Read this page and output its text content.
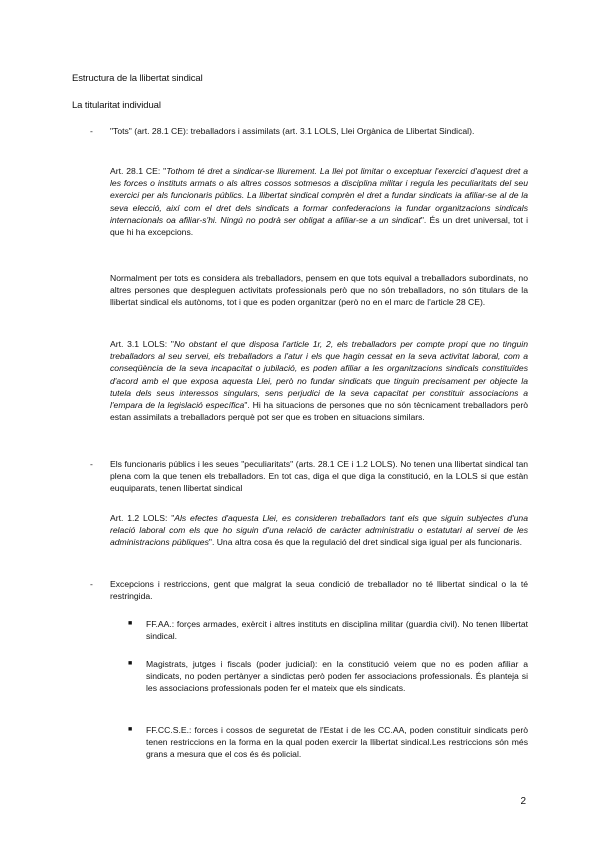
Estructura de la llibertat sindical
La titularitat individual
- "Tots" (art. 28.1 CE): treballadors i assimilats (art. 3.1 LOLS, Llei Orgànica de Llibertat Sindical).
Art. 28.1 CE: "Tothom té dret a sindicar-se lliurement. La llei pot limitar o exceptuar l'exercici d'aquest dret a les forces o instituts armats o als altres cossos sotmesos a disciplina militar i regula les peculiaritats del seu exercici per als funcionaris públics. La llibertat sindical comprèn el dret a fundar sindicats ia afiliar-se al de la seva elecció, així com el dret dels sindicats a formar confederacions ia fundar organitzacions sindicals internacionals oa afiliar-s'hi. Ningú no podrà ser obligat a afiliar-se a un sindicat". És un dret universal, tot i que hi ha excepcions.
Normalment per tots es considera als treballadors, pensem en que tots equival a treballadors subordinats, no altres persones que despleguen activitats professionals però que no són treballadors, no són titulars de la llibertat sindical els autònoms, tot i que es poden organitzar (però no en el marc de l'article 28 CE).
Art. 3.1 LOLS: "No obstant el que disposa l'article 1r, 2, els treballadors per compte propi que no tinguin treballadors al seu servei, els treballadors a l'atur i els que hagin cessat en la seva activitat laboral, com a conseqüència de la seva incapacitat o jubilació, es poden afiliar a les organitzacions sindicals constituïdes d'acord amb el que exposa aquesta Llei, però no fundar sindicats que tinguin precisament per objecte la tutela dels seus interessos singulars, sens perjudici de la seva capacitat per constituir associacions a l'empara de la legislació específica". Hi ha situacions de persones que no són tècnicament treballadors però estan assimilats a treballadors perquè pot ser que es troben en situacions similars.
- Els funcionaris públics i les seues "peculiaritats" (arts. 28.1 CE i 1.2 LOLS). No tenen una llibertat sindical tan plena com la que tenen els treballadors. En tot cas, diga el que diga la constitució, en la LOLS si que estàn euquiparats, tenen llibertat sindical
Art. 1.2 LOLS: "Als efectes d'aquesta Llei, es consideren treballadors tant els que siguin subjectes d'una relació laboral com els que ho siguin d'una relació de caràcter administratiu o estatutari al servei de les administracions públiques". Una altra cosa és que la regulació del dret sindical siga igual per als funcionaris.
- Excepcions i restriccions, gent que malgrat la seua condició de treballador no té llibertat sindical o la té restringida.
■ FF.AA.: forçes armades, exèrcit i altres instituts en disciplina militar (guardia civil). No tenen llibertat sindical.
■ Magistrats, jutges i fiscals (poder judicial): en la constitució veiem que no es poden afiliar a sindicats, no poden pertànyer a sindictas però poden fer associacions professionals. És planteja si les associacions professionals poden fer el mateix que els sindicats.
■ FF.CC.S.E.: forces i cossos de seguretat de l'Estat i de les CC.AA, poden constituir sindicats però tenen restriccions en la forma en la qual poden exercir la llibertat sindical.Les restriccions són més grans a mesura que el cos és és policial.
2
